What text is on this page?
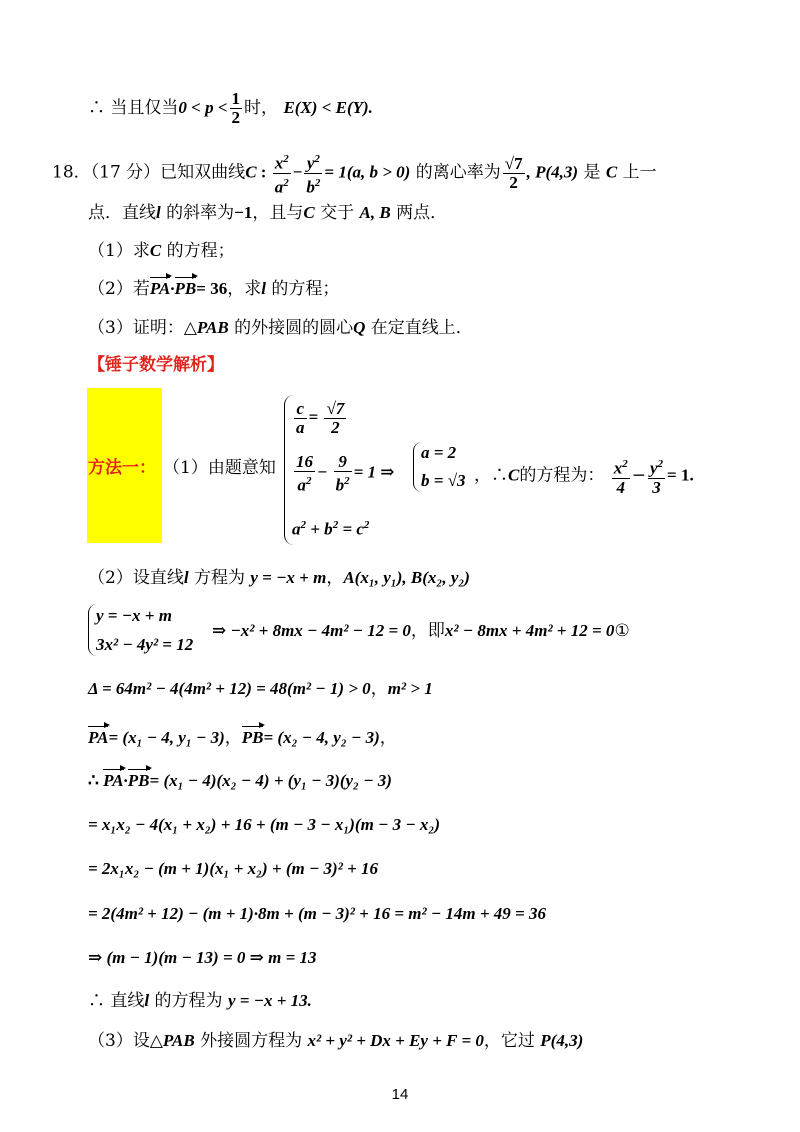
∴ 当且仅当$0 < p < \frac{1}{2}$ 时， E(X) < E(Y).
18．（17 分）已知双曲线C : $\frac{x^2}{a^2} - \frac{y^2}{b^2} = 1(a$, b > 0) 的离心率为 $\frac{√7}{2}$ , P(4,3) 是 C 上一
点．直线l 的斜率为−1，且与C 交于 A, B 两点．
（1）求C 的方程；
（2）若PA·PB= 36，求l 的方程；
（3）证明：△PAB 的外接圆的圆心Q 在定直线上．
【锤子数学解析】
方法一： （1）由题意知
$\frac{c}{a} = \frac{√7}{2}$
$\frac{16}{a^2} - \frac{9}{b^2} = 1$ ⇒
a = 2
b = √3 ，∴C的方程为： $\frac{x^2}{4} - \frac{y^2}{3} = 1$.
$a^2 + b^2 = c^2$
（2）设直线l 方程为 y = −x + m，A(x₁, y₁), B(x₂, y₂)
y = −x + m
3x² − 4y² = 12
⇒ −x² + 8mx − 4m² − 12 = 0，即x² − 8mx + 4m² + 12 = 0①
Δ = 64m² − 4(4m² + 12) = 48(m² − 1) > 0，m² > 1
PA= (x₁ − 4, y₁ − 3)，PB= (x₂ − 4, y₂ − 3)，
∴ PA·PB= (x₁ − 4)(x₂ − 4) + (y₁ − 3)(y₂ − 3)
= x₁x₂ − 4(x₁ + x₂) + 16 + (m − 3 − x₁)(m − 3 − x₂)
= 2x₁x₂ − (m + 1)(x₁ + x₂) + (m − 3)² + 16
= 2(4m² + 12) − (m + 1)·8m + (m − 3)² + 16 = m² − 14m + 49 = 36
⇒ (m − 1)(m − 13) = 0 ⇒ m = 13
∴ 直线l 的方程为 y = −x + 13.
（3）设△PAB 外接圆方程为 x² + y² + Dx + Ey + F = 0，它过 P(4,3)
14
